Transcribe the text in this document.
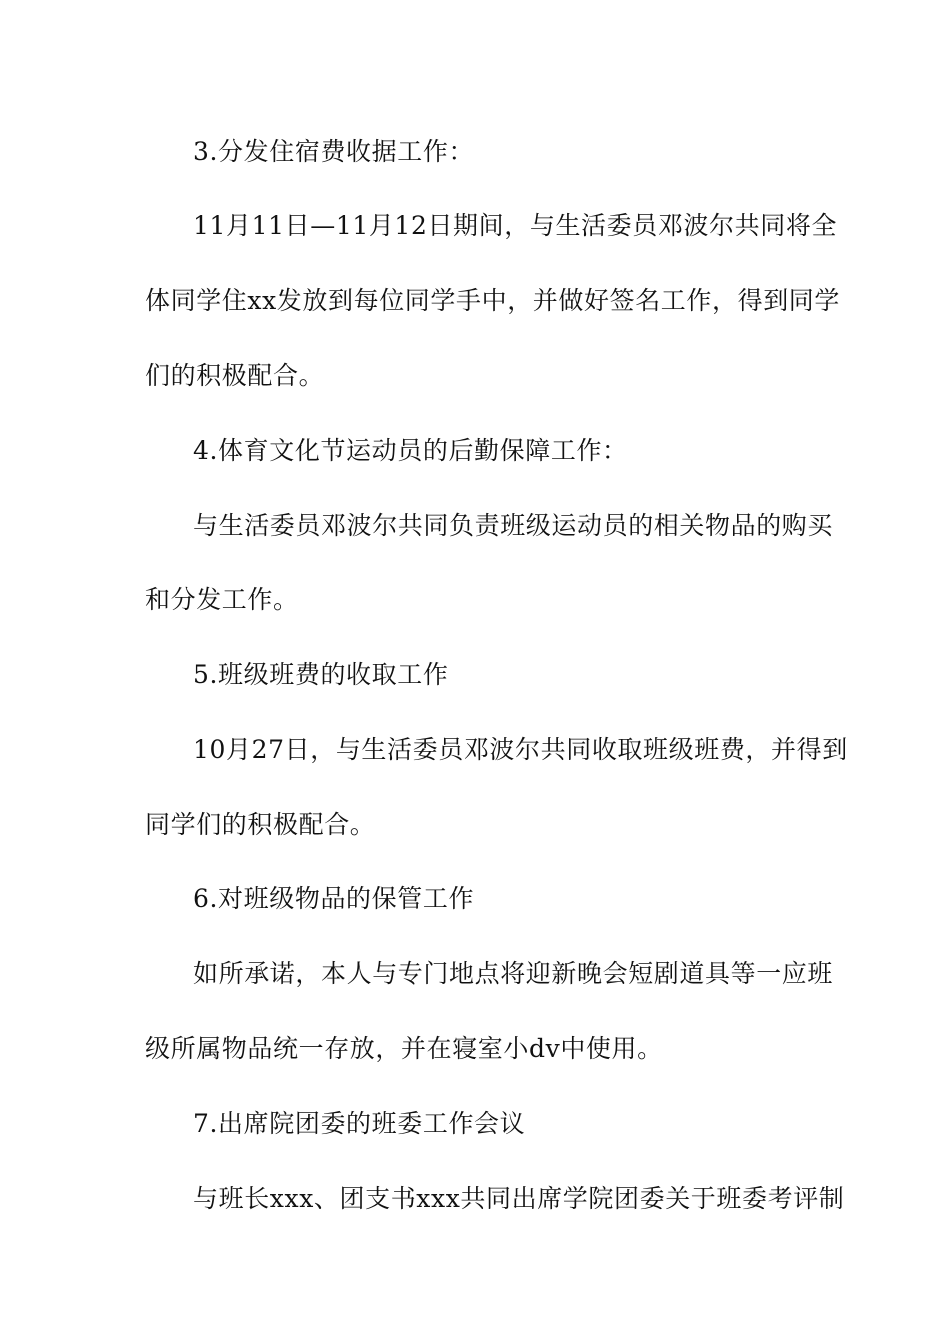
3.分发住宿费收据工作：
11月11日—11月12日期间，与生活委员邓波尔共同将全
体同学住xx发放到每位同学手中，并做好签名工作，得到同学
们的积极配合。
4.体育文化节运动员的后勤保障工作：
与生活委员邓波尔共同负责班级运动员的相关物品的购买
和分发工作。
5.班级班费的收取工作
10月27日，与生活委员邓波尔共同收取班级班费，并得到
同学们的积极配合。
6.对班级物品的保管工作
如所承诺，本人与专门地点将迎新晚会短剧道具等一应班
级所属物品统一存放，并在寝室小dv中使用。
7.出席院团委的班委工作会议
与班长xxx、团支书xxx共同出席学院团委关于班委考评制
